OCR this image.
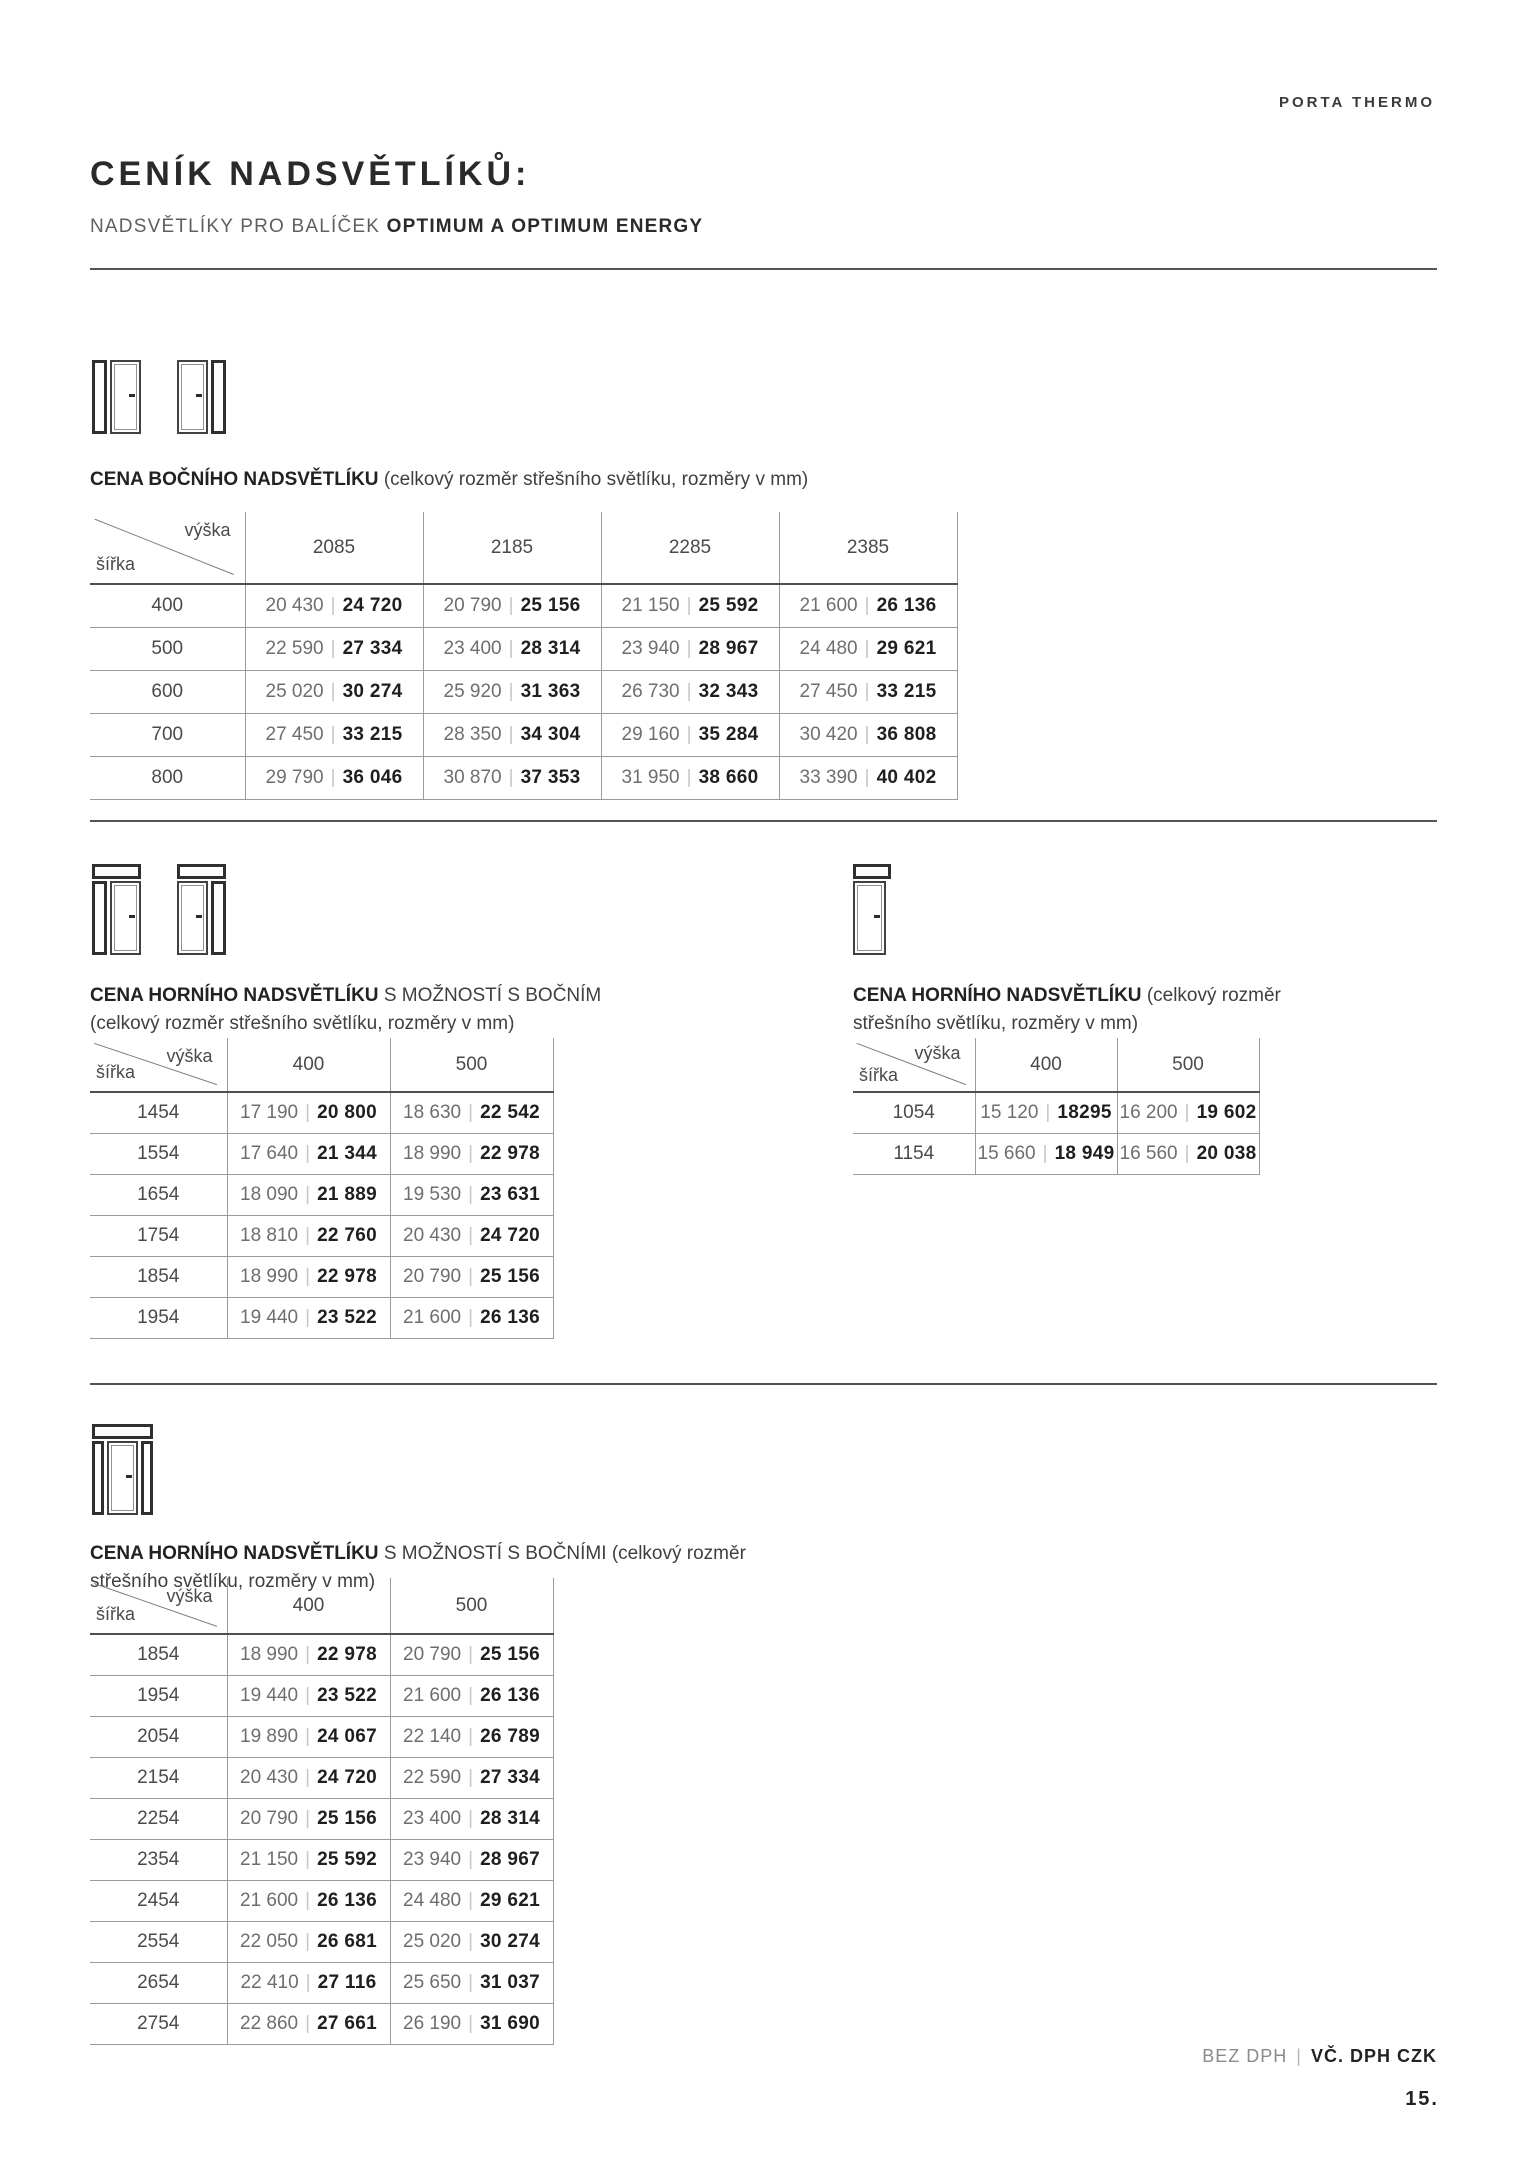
PORTA THERMO
CENÍK NADSVĚTLÍKŮ:

NADSVĚTLÍKY PRO BALÍČEK OPTIMUM A OPTIMUM ENERGY

CENA BOČNÍHO NADSVĚTLÍKU (celkový rozměr střešního světlíku, rozměry v mm)

výška
šířka	2085	2185	2285	2385
400	20 430 | 24 720	20 790 | 25 156	21 150 | 25 592	21 600 | 26 136
500	22 590 | 27 334	23 400 | 28 314	23 940 | 28 967	24 480 | 29 621
600	25 020 | 30 274	25 920 | 31 363	26 730 | 32 343	27 450 | 33 215
700	27 450 | 33 215	28 350 | 34 304	29 160 | 35 284	30 420 | 36 808
800	29 790 | 36 046	30 870 | 37 353	31 950 | 38 660	33 390 | 40 402

CENA HORNÍHO NADSVĚTLÍKU S MOŽNOSTÍ S BOČNÍM (celkový rozměr střešního světlíku, rozměry v mm)

výška
šířka	400	500
1454	17 190 | 20 800	18 630 | 22 542
1554	17 640 | 21 344	18 990 | 22 978
1654	18 090 | 21 889	19 530 | 23 631
1754	18 810 | 22 760	20 430 | 24 720
1854	18 990 | 22 978	20 790 | 25 156
1954	19 440 | 23 522	21 600 | 26 136

CENA HORNÍHO NADSVĚTLÍKU (celkový rozměr střešního světlíku, rozměry v mm)

výška
šířka	400	500
1054	15 120 | 18295	16 200 | 19 602
1154	15 660 | 18 949	16 560 | 20 038

CENA HORNÍHO NADSVĚTLÍKU S MOŽNOSTÍ S BOČNÍMI (celkový rozměr střešního světlíku, rozměry v mm)

výška
šířka	400	500
1854	18 990 | 22 978	20 790 | 25 156
1954	19 440 | 23 522	21 600 | 26 136
2054	19 890 | 24 067	22 140 | 26 789
2154	20 430 | 24 720	22 590 | 27 334
2254	20 790 | 25 156	23 400 | 28 314
2354	21 150 | 25 592	23 940 | 28 967
2454	21 600 | 26 136	24 480 | 29 621
2554	22 050 | 26 681	25 020 | 30 274
2654	22 410 | 27 116	25 650 | 31 037
2754	22 860 | 27 661	26 190 | 31 690
BEZ DPH | VČ. DPH CZK
15.
